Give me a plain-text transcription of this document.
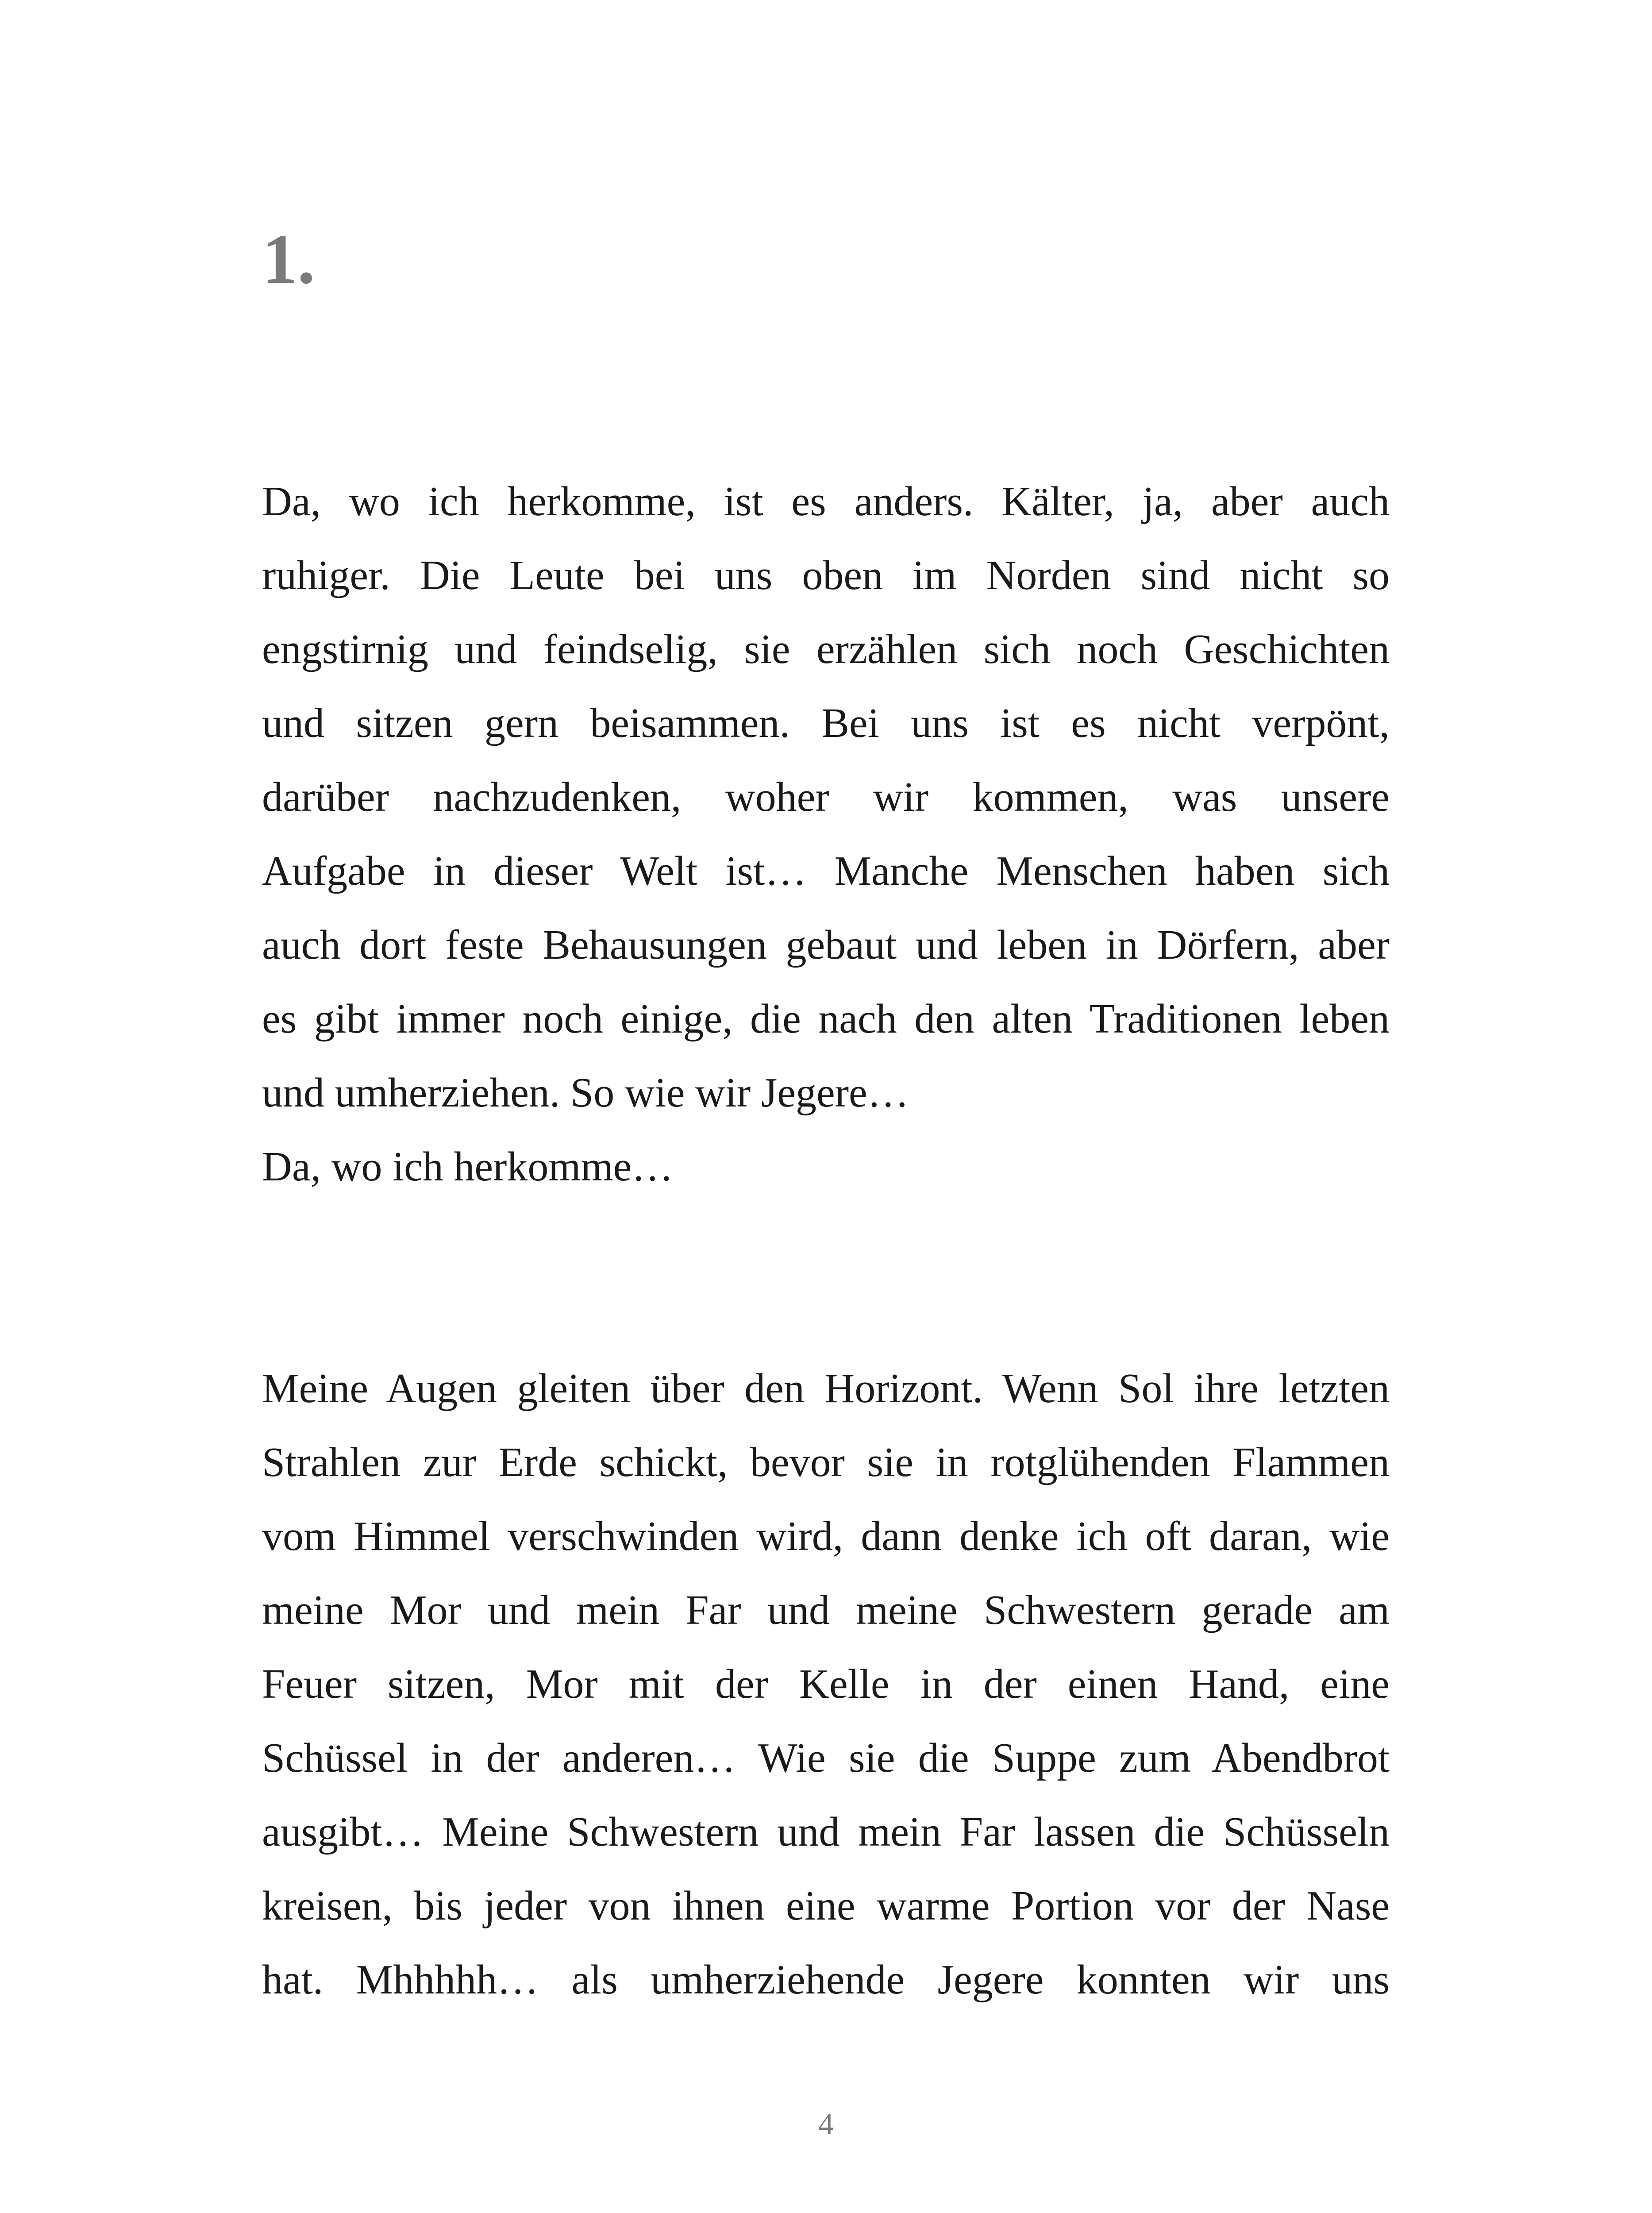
1.
Da, wo ich herkomme, ist es anders. Kälter, ja, aber auch
ruhiger. Die Leute bei uns oben im Norden sind nicht so
engstirnig und feindselig, sie erzählen sich noch Geschichten
und sitzen gern beisammen. Bei uns ist es nicht verpönt,
darüber nachzudenken, woher wir kommen, was unsere
Aufgabe in dieser Welt ist… Manche Menschen haben sich
auch dort feste Behausungen gebaut und leben in Dörfern, aber
es gibt immer noch einige, die nach den alten Traditionen leben
und umherziehen. So wie wir Jegere…
Da, wo ich herkomme…
Meine Augen gleiten über den Horizont. Wenn Sol ihre letzten
Strahlen zur Erde schickt, bevor sie in rotglühenden Flammen
vom Himmel verschwinden wird, dann denke ich oft daran, wie
meine Mor und mein Far und meine Schwestern gerade am
Feuer sitzen, Mor mit der Kelle in der einen Hand, eine
Schüssel in der anderen… Wie sie die Suppe zum Abendbrot
ausgibt… Meine Schwestern und mein Far lassen die Schüsseln
kreisen, bis jeder von ihnen eine warme Portion vor der Nase
hat. Mhhhhh… als umherziehende Jegere konnten wir uns
4
